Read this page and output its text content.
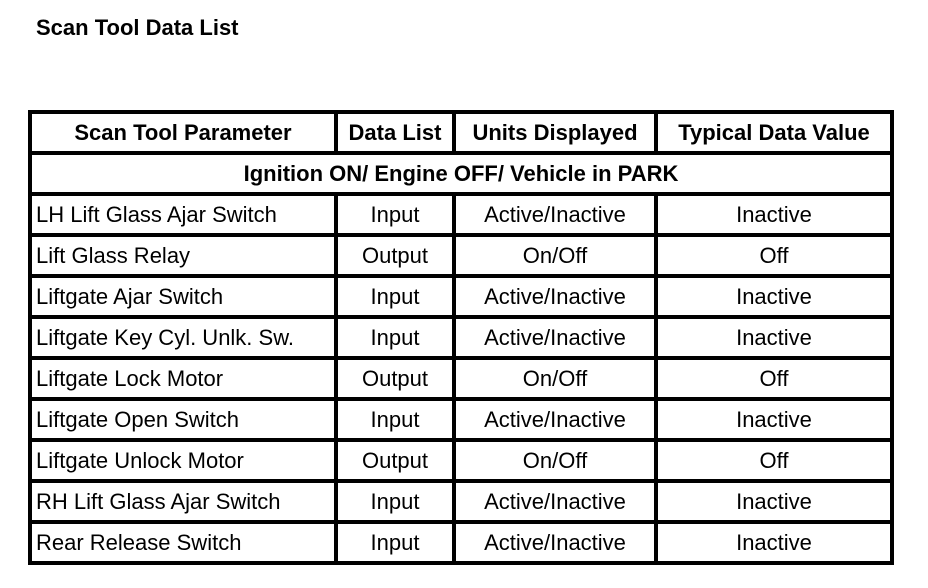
Scan Tool Data List
Scan Tool Parameter	Data List	Units Displayed	Typical Data Value
Ignition ON/ Engine OFF/ Vehicle in PARK			
LH Lift Glass Ajar Switch	Input	Active/Inactive	Inactive
Lift Glass Relay	Output	On/Off	Off
Liftgate Ajar Switch	Input	Active/Inactive	Inactive
Liftgate Key Cyl. Unlk. Sw.	Input	Active/Inactive	Inactive
Liftgate Lock Motor	Output	On/Off	Off
Liftgate Open Switch	Input	Active/Inactive	Inactive
Liftgate Unlock Motor	Output	On/Off	Off
RH Lift Glass Ajar Switch	Input	Active/Inactive	Inactive
Rear Release Switch	Input	Active/Inactive	Inactive
